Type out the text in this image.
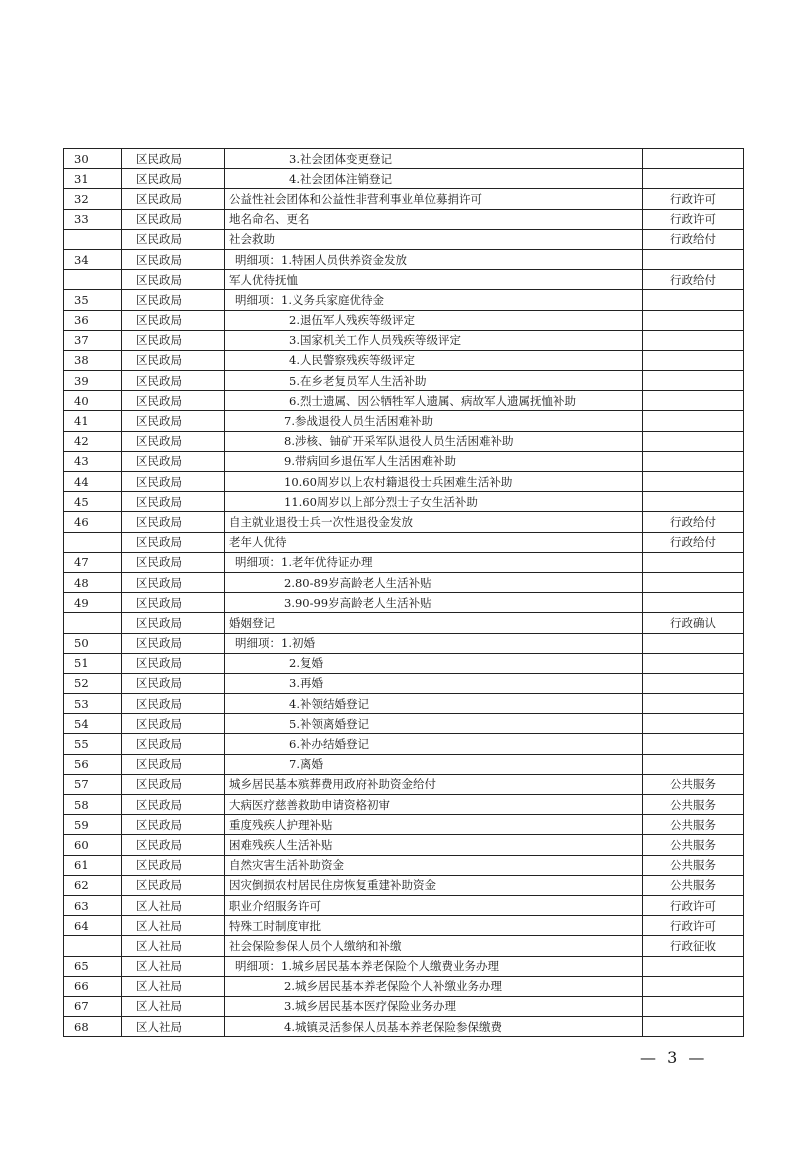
30	区民政局	3.社会团体变更登记	
31	区民政局	4.社会团体注销登记	
32	区民政局	公益性社会团体和公益性非营利事业单位募捐许可	行政许可
33	区民政局	地名命名、更名	行政许可
	区民政局	社会救助	行政给付
34	区民政局	明细项：1.特困人员供养资金发放	
	区民政局	军人优待抚恤	行政给付
35	区民政局	明细项：1.义务兵家庭优待金	
36	区民政局	2.退伍军人残疾等级评定	
37	区民政局	3.国家机关工作人员残疾等级评定	
38	区民政局	4.人民警察残疾等级评定	
39	区民政局	5.在乡老复员军人生活补助	
40	区民政局	6.烈士遗属、因公牺牲军人遗属、病故军人遗属抚恤补助	
41	区民政局	7.参战退役人员生活困难补助	
42	区民政局	8.涉核、铀矿开采军队退役人员生活困难补助	
43	区民政局	9.带病回乡退伍军人生活困难补助	
44	区民政局	10.60周岁以上农村籍退役士兵困难生活补助	
45	区民政局	11.60周岁以上部分烈士子女生活补助	
46	区民政局	自主就业退役士兵一次性退役金发放	行政给付
	区民政局	老年人优待	行政给付
47	区民政局	明细项：1.老年优待证办理	
48	区民政局	2.80-89岁高龄老人生活补贴	
49	区民政局	3.90-99岁高龄老人生活补贴	
	区民政局	婚姻登记	行政确认
50	区民政局	明细项：1.初婚	
51	区民政局	2.复婚	
52	区民政局	3.再婚	
53	区民政局	4.补领结婚登记	
54	区民政局	5.补领离婚登记	
55	区民政局	6.补办结婚登记	
56	区民政局	7.离婚	
57	区民政局	城乡居民基本殡葬费用政府补助资金给付	公共服务
58	区民政局	大病医疗慈善救助申请资格初审	公共服务
59	区民政局	重度残疾人护理补贴	公共服务
60	区民政局	困难残疾人生活补贴	公共服务
61	区民政局	自然灾害生活补助资金	公共服务
62	区民政局	因灾倒损农村居民住房恢复重建补助资金	公共服务
63	区人社局	职业介绍服务许可	行政许可
64	区人社局	特殊工时制度审批	行政许可
	区人社局	社会保险参保人员个人缴纳和补缴	行政征收
65	区人社局	明细项：1.城乡居民基本养老保险个人缴费业务办理	
66	区人社局	2.城乡居民基本养老保险个人补缴业务办理	
67	区人社局	3.城乡居民基本医疗保险业务办理	
68	区人社局	4.城镇灵活参保人员基本养老保险参保缴费	
— 3 —
